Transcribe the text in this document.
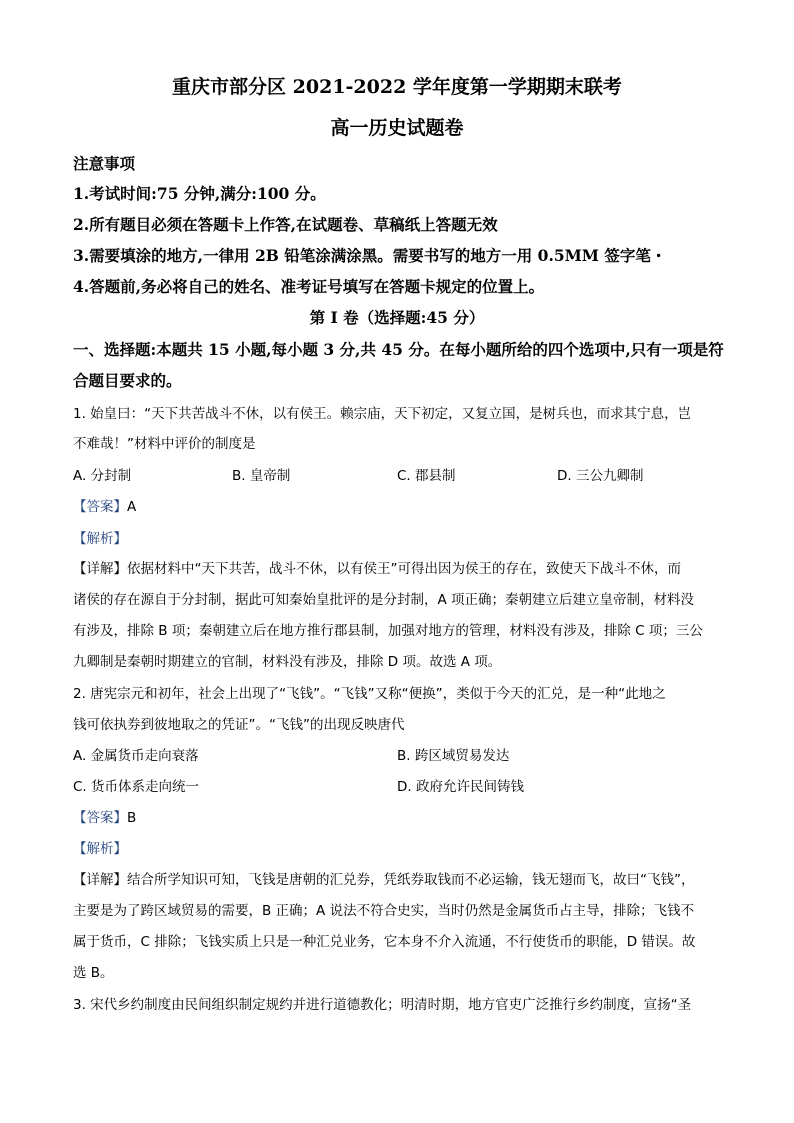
重庆市部分区 2021-2022 学年度第一学期期末联考
高一历史试题卷
注意事项
1.考试时间:75 分钟,满分:100 分。
2.所有题目必须在答题卡上作答,在试题卷、草稿纸上答题无效
3.需要填涂的地方,一律用 2B 铅笔涂满涂黑。需要书写的地方一用 0.5MM 签字笔・
4.答题前,务必将自己的姓名、准考证号填写在答题卡规定的位置上。
第 I 卷（选择题:45 分）
一、选择题:本题共 15 小题,每小题 3 分,共 45 分。在每小题所给的四个选项中,只有一项是符
合题目要求的。
1. 始皇曰：“天下共苦战斗不休，以有侯王。赖宗庙，天下初定，又复立国，是树兵也，而求其宁息，岂
不难哉！”材料中评价的制度是
A. 分封制	B. 皇帝制	C. 郡县制	D. 三公九卿制
【答案】A
【解析】
【详解】依据材料中“天下共苦，战斗不休，以有侯王”可得出因为侯王的存在，致使天下战斗不休，而
诸侯的存在源自于分封制，据此可知秦始皇批评的是分封制，A 项正确；秦朝建立后建立皇帝制，材料没
有涉及，排除 B 项；秦朝建立后在地方推行郡县制，加强对地方的管理，材料没有涉及，排除 C 项；三公
九卿制是秦朝时期建立的官制，材料没有涉及，排除 D 项。故选 A 项。
2. 唐宪宗元和初年，社会上出现了“飞钱”。“飞钱”又称“便换”，类似于今天的汇兑，是一种“此地之
钱可依执券到彼地取之的凭证”。“飞钱”的出现反映唐代
A. 金属货币走向衰落	B. 跨区域贸易发达
C. 货币体系走向统一	D. 政府允许民间铸钱
【答案】B
【解析】
【详解】结合所学知识可知，飞钱是唐朝的汇兑券，凭纸券取钱而不必运输，钱无翅而飞，故曰“飞钱”，
主要是为了跨区域贸易的需要，B 正确；A 说法不符合史实，当时仍然是金属货币占主导，排除；飞钱不
属于货币，C 排除；飞钱实质上只是一种汇兑业务，它本身不介入流通，不行使货币的职能，D 错误。故
选 B。
3. 宋代乡约制度由民间组织制定规约并进行道德教化；明清时期，地方官吏广泛推行乡约制度，宣扬“圣
